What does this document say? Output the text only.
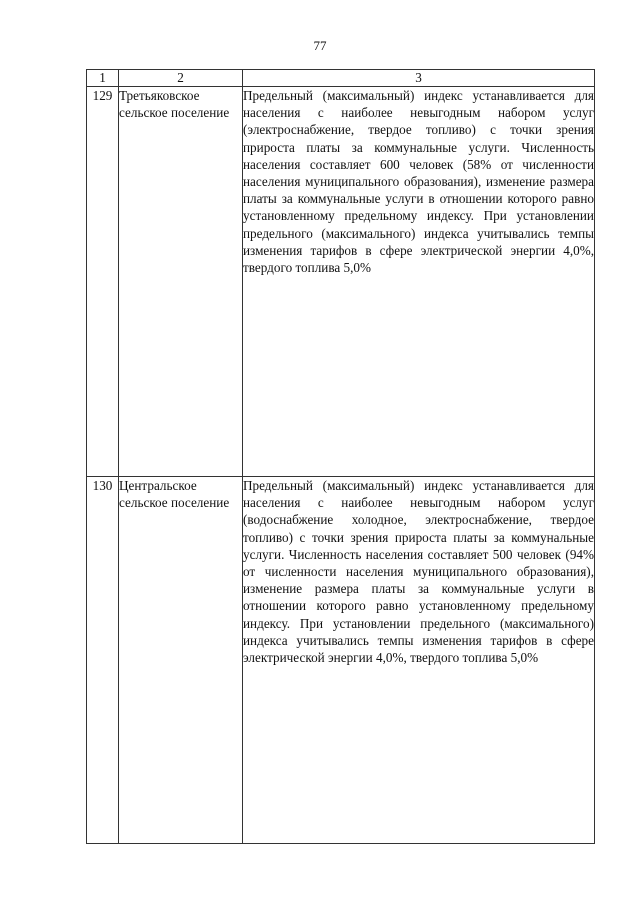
77
1	2	3
129	Третьяковское сельское поселение	Предельный (максимальный) индекс устанавливается для населения с наиболее невыгодным набором услуг (электроснабжение, твердое топливо) с точки зрения прироста платы за коммунальные услуги. Численность населения составляет 600 человек (58% от численности населения муниципального образования), изменение размера платы за коммунальные услуги в отношении которого равно установленному предельному индексу. При установлении предельного (максимального) индекса учитывались темпы изменения тарифов в сфере электрической энергии 4,0%, твердого топлива 5,0%
130	Центральское сельское поселение	Предельный (максимальный) индекс устанавливается для населения с наиболее невыгодным набором услуг (водоснабжение холодное, электроснабжение, твердое топливо) с точки зрения прироста платы за коммунальные услуги. Численность населения составляет 500 человек (94% от численности населения муниципального образования), изменение размера платы за коммунальные услуги в отношении которого равно установленному предельному индексу. При установлении предельного (максимального) индекса учитывались темпы изменения тарифов в сфере электрической энергии 4,0%, твердого топлива 5,0%
